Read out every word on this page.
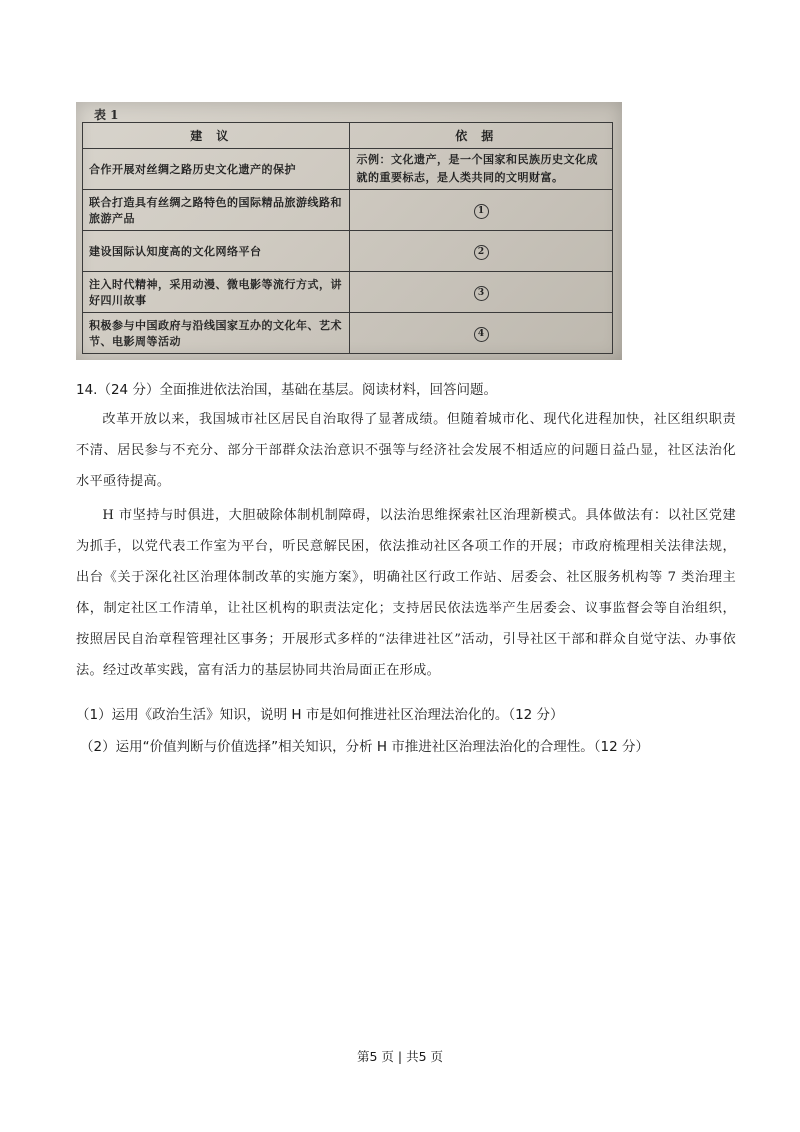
表 1
建议	依据
合作开展对丝绸之路历史文化遗产的保护	示例：文化遗产，是一个国家和民族历史文化成就的重要标志，是人类共同的文明财富。
联合打造具有丝绸之路特色的国际精品旅游线路和旅游产品	1
建设国际认知度高的文化网络平台	2
注入时代精神，采用动漫、微电影等流行方式，讲好四川故事	3
积极参与中国政府与沿线国家互办的文化年、艺术节、电影周等活动	4
14.（24 分）全面推进依法治国，基础在基层。阅读材料，回答问题。
改革开放以来，我国城市社区居民自治取得了显著成绩。但随着城市化、现代化进程加快，社区组织职责不清、居民参与不充分、部分干部群众法治意识不强等与经济社会发展不相适应的问题日益凸显，社区法治化水平亟待提高。
H 市坚持与时俱进，大胆破除体制机制障碍，以法治思维探索社区治理新模式。具体做法有：以社区党建为抓手，以党代表工作室为平台，听民意解民困，依法推动社区各项工作的开展；市政府梳理相关法律法规，出台《关于深化社区治理体制改革的实施方案》，明确社区行政工作站、居委会、社区服务机构等 7 类治理主体，制定社区工作清单，让社区机构的职责法定化；支持居民依法选举产生居委会、议事监督会等自治组织，按照居民自治章程管理社区事务；开展形式多样的“法律进社区”活动，引导社区干部和群众自觉守法、办事依法。经过改革实践，富有活力的基层协同共治局面正在形成。
（1）运用《政治生活》知识，说明 H 市是如何推进社区治理法治化的。（12 分）
（2）运用“价值判断与价值选择”相关知识，分析 H 市推进社区治理法治化的合理性。（12 分）
第5 页 | 共5 页
